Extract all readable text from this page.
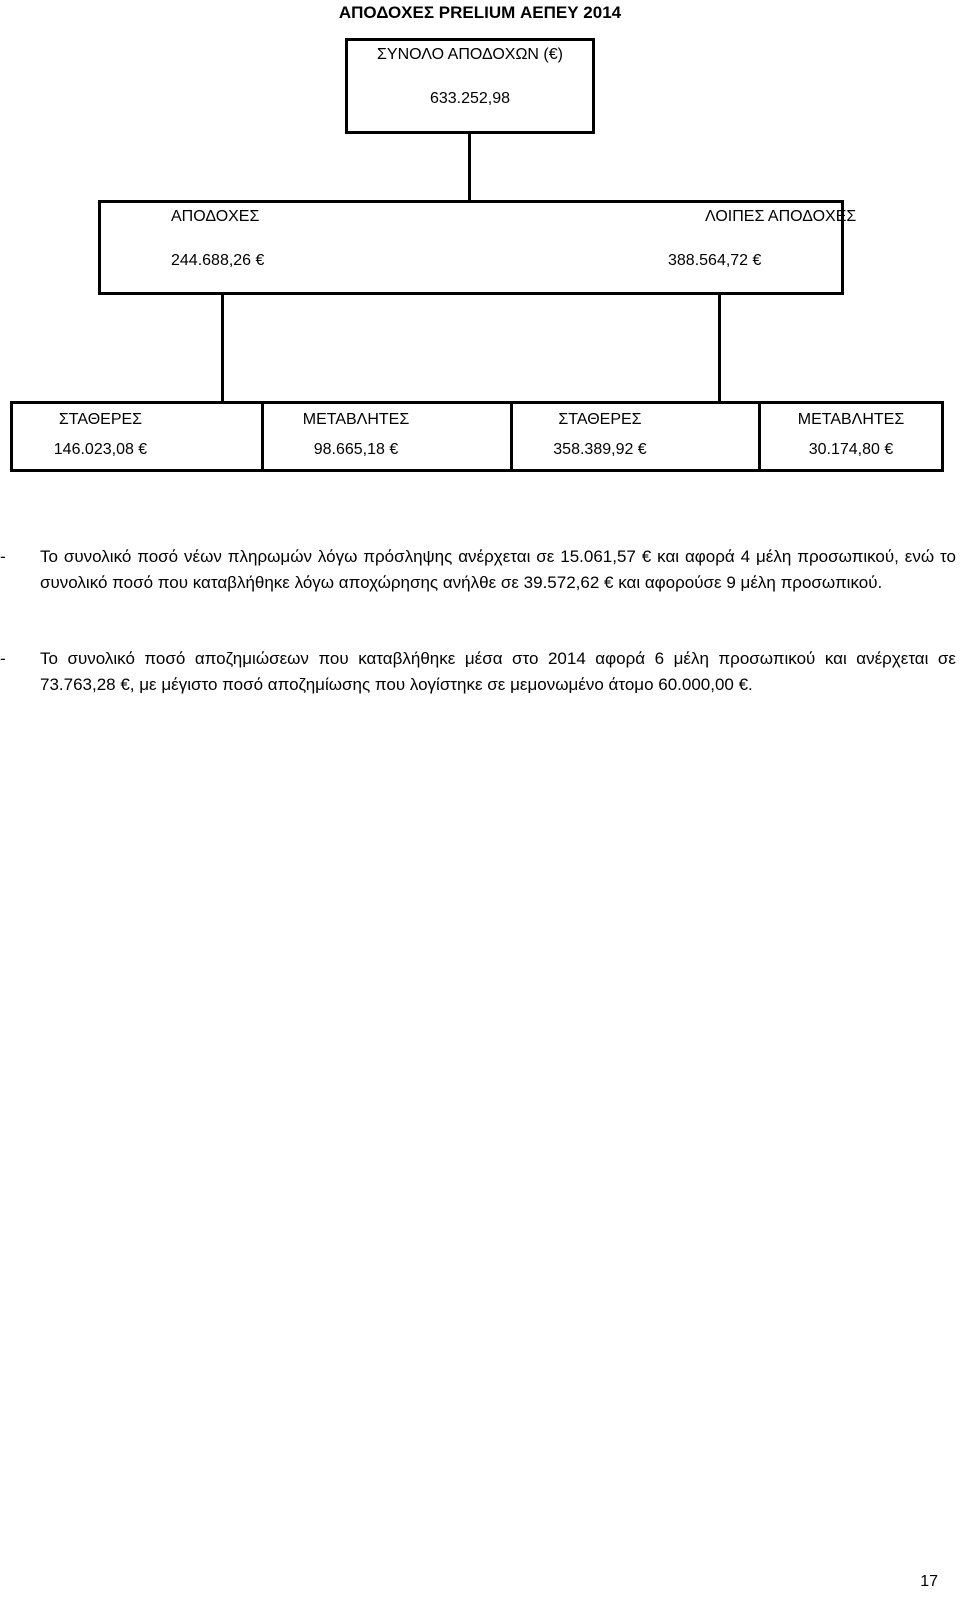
ΑΠΟΔΟΧΕΣ PRELIUM ΑΕΠΕΥ 2014
ΣΥΝΟΛΟ ΑΠΟΔΟΧΩΝ (€)
633.252,98
ΑΠΟΔΟΧΕΣ
244.688,26 €
ΛΟΙΠΕΣ ΑΠΟΔΟΧΕΣ
388.564,72 €
ΣΤΑΘΕΡΕΣ
146.023,08 €
ΜΕΤΑΒΛΗΤΕΣ
98.665,18 €
ΣΤΑΘΕΡΕΣ
358.389,92 €
ΜΕΤΑΒΛΗΤΕΣ
30.174,80 €
-	Το συνολικό ποσό νέων πληρωμών λόγω πρόσληψης ανέρχεται σε 15.061,57 € και αφορά 4 μέλη προσωπικού, ενώ το συνολικό ποσό που καταβλήθηκε λόγω αποχώρησης ανήλθε σε 39.572,62 € και αφορούσε 9 μέλη προσωπικού.
-	Το συνολικό ποσό αποζημιώσεων που καταβλήθηκε μέσα στο 2014 αφορά 6 μέλη προσωπικού και ανέρχεται σε 73.763,28 €, με μέγιστο ποσό αποζημίωσης που λογίστηκε σε μεμονωμένο άτομο 60.000,00 €.
17
